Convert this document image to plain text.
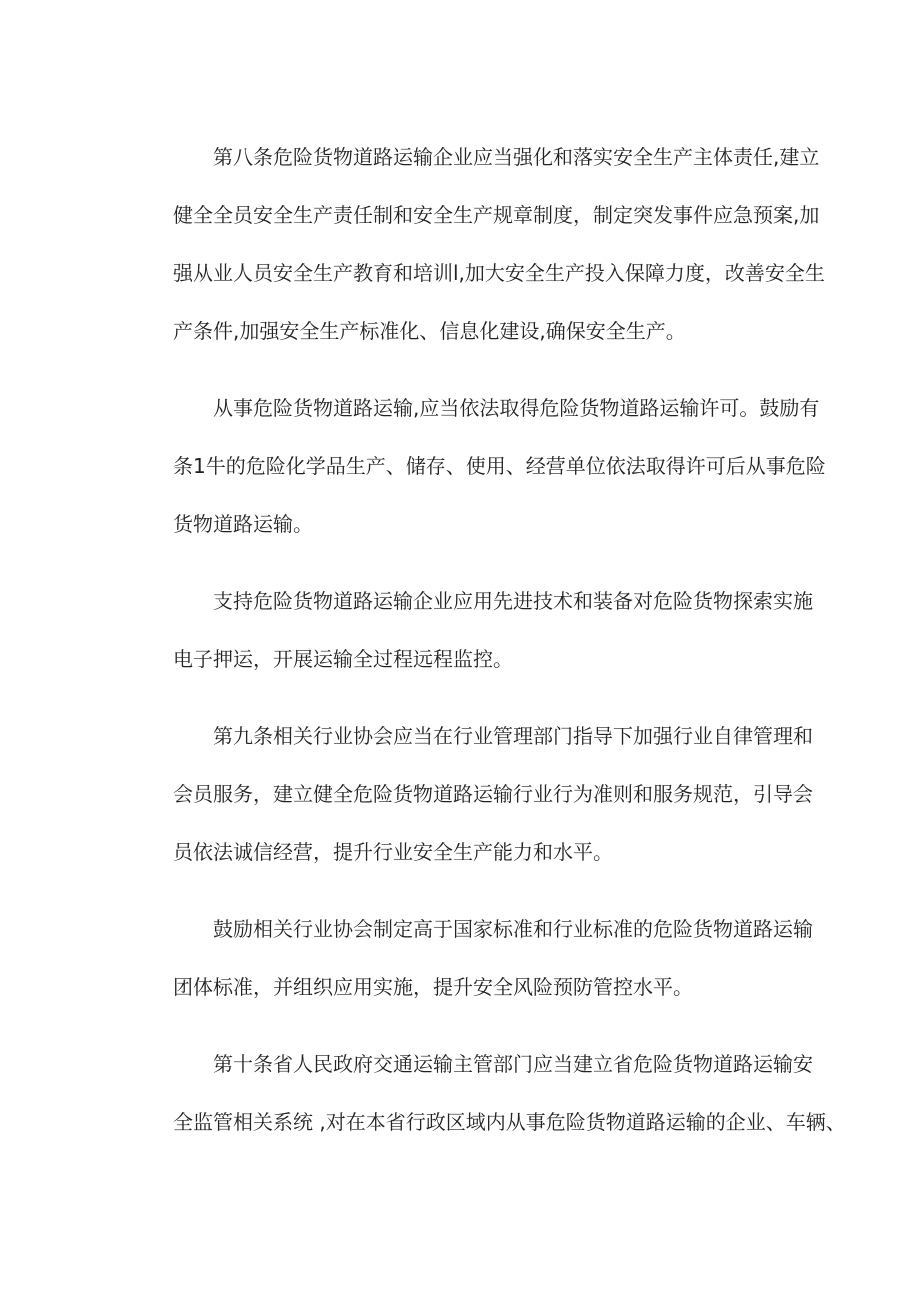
第八条危险货物道路运输企业应当强化和落实安全生产主体责任,建立
健全全员安全生产责任制和安全生产规章制度，制定突发事件应急预案,加
强从业人员安全生产教育和培训l,加大安全生产投入保障力度，改善安全生
产条件,加强安全生产标准化、信息化建设,确保安全生产。

从事危险货物道路运输,应当依法取得危险货物道路运输许可。鼓励有
条1牛的危险化学品生产、储存、使用、经营单位依法取得许可后从事危险
货物道路运输。

支持危险货物道路运输企业应用先进技术和装备对危险货物探索实施
电子押运，开展运输全过程远程监控。

第九条相关行业协会应当在行业管理部门指导下加强行业自律管理和
会员服务，建立健全危险货物道路运输行业行为准则和服务规范，引导会
员依法诚信经营，提升行业安全生产能力和水平。

鼓励相关行业协会制定高于国家标准和行业标准的危险货物道路运输
团体标准，并组织应用实施，提升安全风险预防管控水平。

第十条省人民政府交通运输主管部门应当建立省危险货物道路运输安
全监管相关系统 ,对在本省行政区域内从事危险货物道路运输的企业、车辆、
